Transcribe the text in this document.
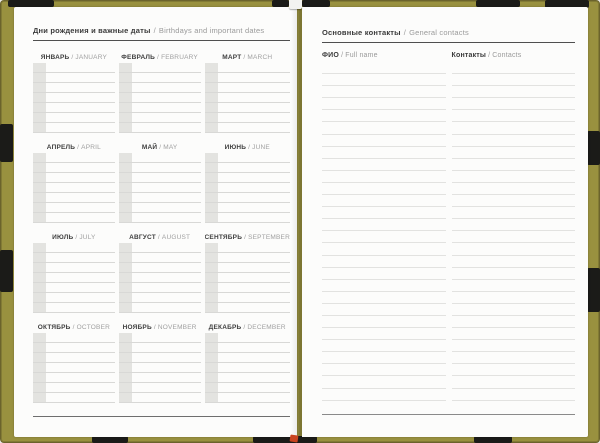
Дни рождения и важные даты / Birthdays and important dates
ЯНВАРЬ / JANUARY ФЕВРАЛЬ / FEBRUARY	МАРТ / MARCH
АПРЕЛЬ / APRIL	МАЙ / MAY	ИЮНЬ / JUNE
ИЮЛЬ / JULY	АВГУСТ / AUGUST СЕНТЯБРЬ / SEPTEMBER
ОКТЯБРЬ / OCTOBER НОЯБРЬ / NOVEMBER ДЕКАБРЬ / DECEMBER
Основные контакты / General contacts
ФИО / Full name	Контакты / Contacts
